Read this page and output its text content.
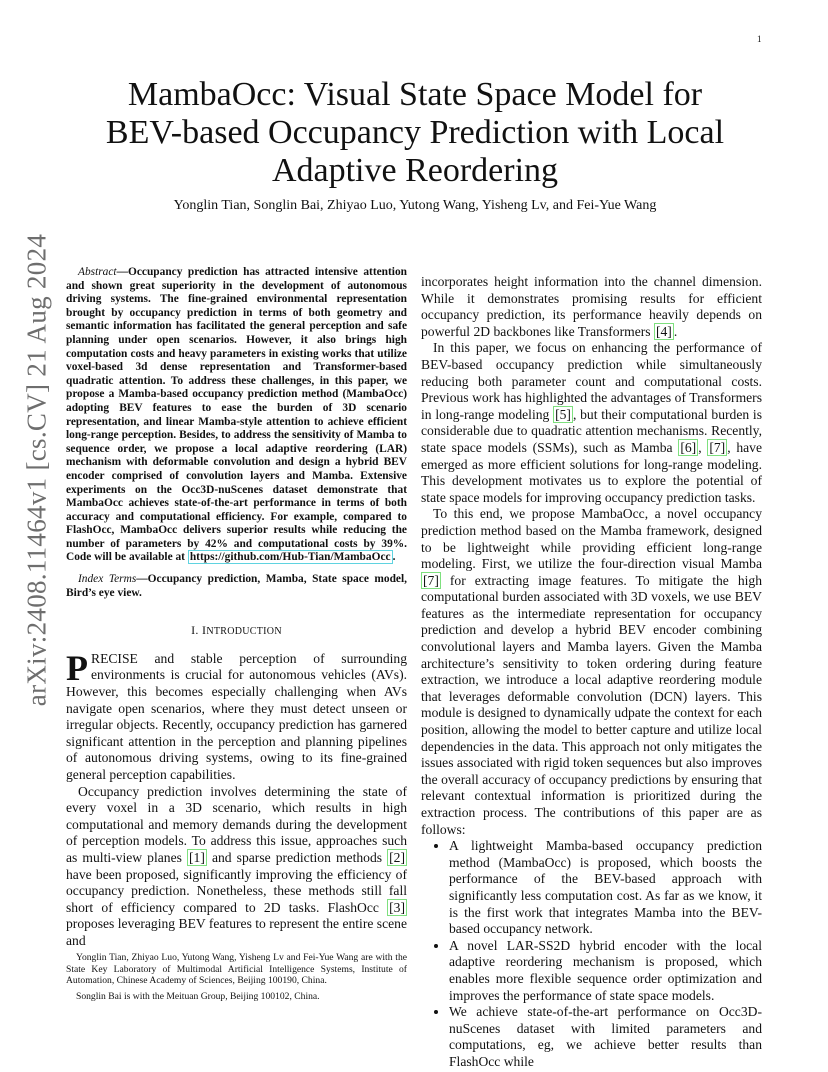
1
arXiv:2408.11464v1 [cs.CV] 21 Aug 2024
MambaOcc: Visual State Space Model for BEV-based Occupancy Prediction with Local Adaptive Reordering
Yonglin Tian, Songlin Bai, Zhiyao Luo, Yutong Wang, Yisheng Lv, and Fei-Yue Wang

Abstract—Occupancy prediction has attracted intensive attention and shown great superiority in the development of autonomous driving systems. The fine-grained environmental representation brought by occupancy prediction in terms of both geometry and semantic information has facilitated the general perception and safe planning under open scenarios. However, it also brings high computation costs and heavy parameters in existing works that utilize voxel-based 3d dense representation and Transformer-based quadratic attention. To address these challenges, in this paper, we propose a Mamba-based occupancy prediction method (MambaOcc) adopting BEV features to ease the burden of 3D scenario representation, and linear Mamba-style attention to achieve efficient long-range perception. Besides, to address the sensitivity of Mamba to sequence order, we propose a local adaptive reordering (LAR) mechanism with deformable convolution and design a hybrid BEV encoder comprised of convolution layers and Mamba. Extensive experiments on the Occ3D-nuScenes dataset demonstrate that MambaOcc achieves state-of-the-art performance in terms of both accuracy and computational efficiency. For example, compared to FlashOcc, MambaOcc delivers superior results while reducing the number of parameters by 42% and computational costs by 39%. Code will be available at https://github.com/Hub-Tian/MambaOcc .

Index Terms—Occupancy prediction, Mamba, State space model, Bird’s eye view.

I. INTRODUCTION

PRECISE and stable perception of surrounding environments is crucial for autonomous vehicles (AVs). However, this becomes especially challenging when AVs navigate open scenarios, where they must detect unseen or irregular objects. Recently, occupancy prediction has garnered significant attention in the perception and planning pipelines of autonomous driving systems, owing to its fine-grained general perception capabilities.

Occupancy prediction involves determining the state of every voxel in a 3D scenario, which results in high computational and memory demands during the development of perception models. To address this issue, approaches such as multi-view planes [1] and sparse prediction methods [2] have been proposed, significantly improving the efficiency of occupancy prediction. Nonetheless, these methods still fall short of efficiency compared to 2D tasks. FlashOcc [3] proposes leveraging BEV features to represent the entire scene and

Yonglin Tian, Zhiyao Luo, Yutong Wang, Yisheng Lv and Fei-Yue Wang are with the State Key Laboratory of Multimodal Artificial Intelligence Systems, Institute of Automation, Chinese Academy of Sciences, Beijing 100190, China.

Songlin Bai is with the Meituan Group, Beijing 100102, China.

incorporates height information into the channel dimension. While it demonstrates promising results for efficient occupancy prediction, its performance heavily depends on powerful 2D backbones like Transformers [4] .

In this paper, we focus on enhancing the performance of BEV-based occupancy prediction while simultaneously reducing both parameter count and computational costs. Previous work has highlighted the advantages of Transformers in long-range modeling [5] , but their computational burden is considerable due to quadratic attention mechanisms. Recently, state space models (SSMs), such as Mamba [6] , [7] , have emerged as more efficient solutions for long-range modeling. This development motivates us to explore the potential of state space models for improving occupancy prediction tasks.

To this end, we propose MambaOcc, a novel occupancy prediction method based on the Mamba framework, designed to be lightweight while providing efficient long-range modeling. First, we utilize the four-direction visual Mamba [7] for extracting image features. To mitigate the high computational burden associated with 3D voxels, we use BEV features as the intermediate representation for occupancy prediction and develop a hybrid BEV encoder combining convolutional layers and Mamba layers. Given the Mamba architecture’s sensitivity to token ordering during feature extraction, we introduce a local adaptive reordering module that leverages deformable convolution (DCN) layers. This module is designed to dynamically udpate the context for each position, allowing the model to better capture and utilize local dependencies in the data. This approach not only mitigates the issues associated with rigid token sequences but also improves the overall accuracy of occupancy predictions by ensuring that relevant contextual information is prioritized during the extraction process. The contributions of this paper are as follows:

• A lightweight Mamba-based occupancy prediction method (MambaOcc) is proposed, which boosts the performance of the BEV-based approach with significantly less computation cost. As far as we know, it is the first work that integrates Mamba into the BEV-based occupancy network.
• A novel LAR-SS2D hybrid encoder with the local adaptive reordering mechanism is proposed, which enables more flexible sequence order optimization and improves the performance of state space models.
• We achieve state-of-the-art performance on Occ3D-nuScenes dataset with limited parameters and computations, eg, we achieve better results than FlashOcc while
